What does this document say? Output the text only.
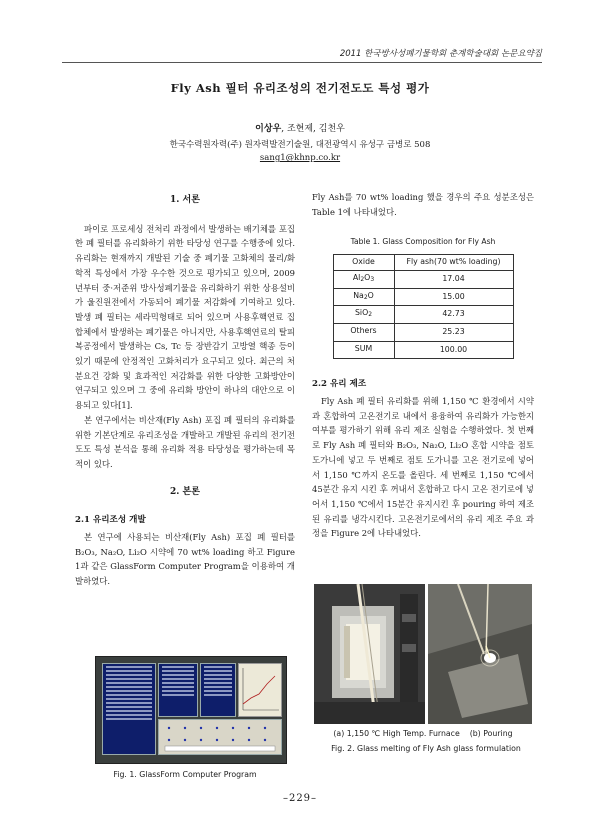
2011 한국방사성폐기물학회 춘계학술대회 논문요약집
Fly Ash 필터 유리조성의 전기전도도 특성 평가
이상우, 조현제, 김천우
한국수력원자력(주) 원자력발전기술원, 대전광역시 유성구 금병로 508
sang1@khnp.co.kr
1. 서론

파이로 프로세싱 전처리 과정에서 발생하는 배기체를 포집한 폐 필터를 유리화하기 위한 타당성 연구를 수행중에 있다. 유리화는 현재까지 개발된 기술 중 폐기물 고화체의 물리/화학적 특성에서 가장 우수한 것으로 평가되고 있으며, 2009년부터 중·저준위 방사성폐기물을 유리화하기 위한 상용설비가 울진원전에서 가동되어 폐기물 저감화에 기여하고 있다. 발생 폐 필터는 세라믹형태로 되어 있으며 사용후핵연료 집합체에서 발생하는 폐기물은 아니지만, 사용후핵연료의 탈피복공정에서 발생하는 Cs, Tc 등 장반감기 고방열 핵종 등이 있기 때문에 안정적인 고화처리가 요구되고 있다. 최근의 처분요건 강화 및 효과적인 저감화를 위한 다양한 고화방안이 연구되고 있으며 그 중에 유리화 방안이 하나의 대안으로 이용되고 있다[1].

본 연구에서는 비산재(Fly Ash) 포집 폐 필터의 유리화를 위한 기본단계로 유리조성을 개발하고 개발된 유리의 전기전도도 특성 분석을 통해 유리화 적용 타당성을 평가하는데 목적이 있다.

2. 본론
2.1 유리조성 개발

본 연구에 사용되는 비산재(Fly Ash) 포집 폐 필터를 B₂O₃, Na₂O, Li₂O 시약에 70 wt% loading 하고 Figure 1과 같은 GlassForm Computer Program을 이용하여 개발하였다.

Fig. 1. GlassForm Computer Program

Fly Ash를 70 wt% loading 했을 경우의 주요 성분조성은 Table 1에 나타내었다.

Table 1. Glass Composition for Fly Ash
Oxide	Fly ash(70 wt% loading)
Al2O3	17.04
Na2O	15.00
SiO2	42.73
Others	25.23
SUM	100.00
2.2 유리 제조

Fly Ash 폐 필터 유리화를 위해 1,150 ℃ 환경에서 시약과 혼합하여 고온전기로 내에서 용융하여 유리화가 가능한지 여부를 평가하기 위해 유리 제조 실험을 수행하였다. 첫 번째로 Fly Ash 폐 필터와 B₂O₃, Na₂O, Li₂O 혼합 시약을 점토 도가니에 넣고 두 번째로 점토 도가니를 고온 전기로에 넣어서 1,150 ℃까지 온도를 올린다. 세 번째로 1,150 ℃에서 45분간 유지 시킨 후 꺼내서 혼합하고 다시 고온 전기로에 넣어서 1,150 ℃에서 15분간 유지시킨 후 pouring 하여 제조된 유리를 냉각시킨다. 고온전기로에서의 유리 제조 주요 과정을 Figure 2에 나타내었다.

(a) 1,150 ℃ High Temp. Furnace (b) Pouring
Fig. 2. Glass melting of Fly Ash glass formulation
–229–
